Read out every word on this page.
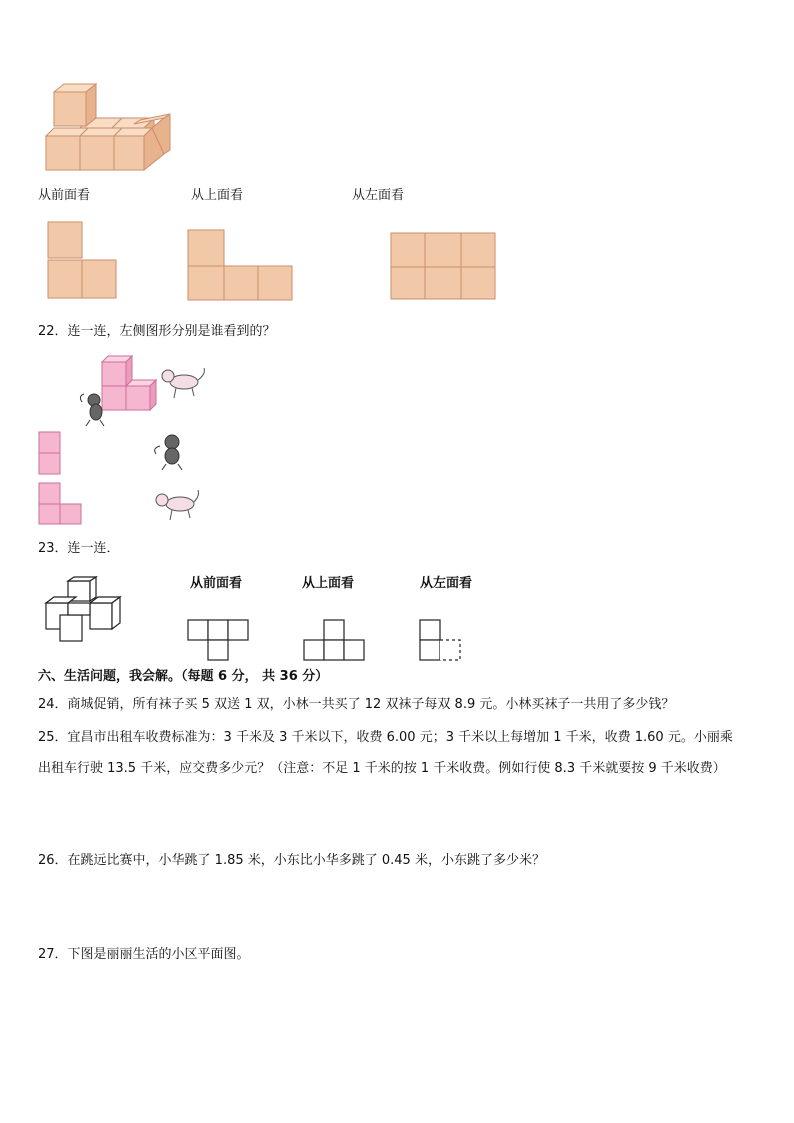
从前面看	从上面看	从左面看
22．连一连，左侧图形分别是谁看到的？
23．连一连．
从前面看	从上面看	从左面看
六、生活问题，我会解。（每题 6 分， 共 36 分）
24．商城促销，所有袜子买 5 双送 1 双，小林一共买了 12 双袜子每双 8.9 元。小林买袜子一共用了多少钱？
25．宜昌市出租车收费标准为：3 千米及 3 千米以下，收费 6.00 元；3 千米以上每增加 1 千米，收费 1.60 元。小丽乘
出租车行驶 13.5 千米，应交费多少元？（注意：不足 1 千米的按 1 千米收费。例如行使 8.3 千米就要按 9 千米收费）
26．在跳远比赛中，小华跳了 1.85 米，小东比小华多跳了 0.45 米，小东跳了多少米？
27．下图是丽丽生活的小区平面图。
